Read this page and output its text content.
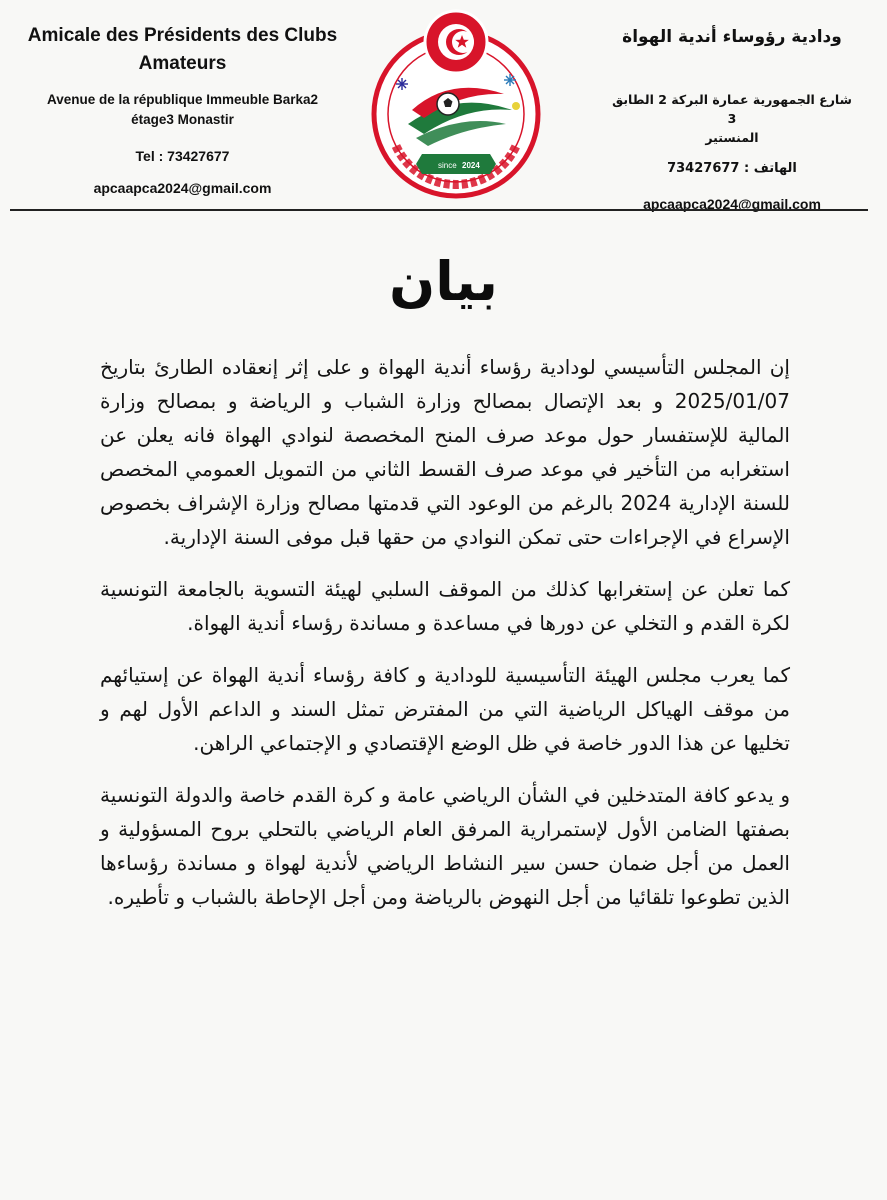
Amicale des Présidents des Clubs
Amateurs
Avenue de la république Immeuble Barka2
étage3 Monastir
Tel : 73427677
apcaapca2024@gmail.com
since 2024
ودادية رؤوساء أندية الهواة
شارع الجمهورية عمارة البركة 2 الطابق 3
المنستير
الهاتف : 73427677
apcaapca2024@gmail.com
بيان

إن المجلس التأسيسي لودادية رؤساء أندية الهواة و على إثر إنعقاده الطارئ بتاريخ 2025/01/07 و بعد الإتصال بمصالح وزارة الشباب و الرياضة و بمصالح وزارة المالية للإستفسار حول موعد صرف المنح المخصصة لنوادي الهواة فانه يعلن عن استغرابه من التأخير في موعد صرف القسط الثاني من التمويل العمومي المخصص للسنة الإدارية 2024 بالرغم من الوعود التي قدمتها مصالح وزارة الإشراف بخصوص الإسراع في الإجراءات حتى تمكن النوادي من حقها قبل موفى السنة الإدارية.

كما تعلن عن إستغرابها كذلك من الموقف السلبي لهيئة التسوية بالجامعة التونسية لكرة القدم و التخلي عن دورها في مساعدة و مساندة رؤساء أندية الهواة.

كما يعرب مجلس الهيئة التأسيسية للودادية و كافة رؤساء أندية الهواة عن إستيائهم من موقف الهياكل الرياضية التي من المفترض تمثل السند و الداعم الأول لهم و تخليها عن هذا الدور خاصة في ظل الوضع الإقتصادي و الإجتماعي الراهن.

و يدعو كافة المتدخلين في الشأن الرياضي عامة و كرة القدم خاصة والدولة التونسية بصفتها الضامن الأول لإستمرارية المرفق العام الرياضي بالتحلي بروح المسؤولية و العمل من أجل ضمان حسن سير النشاط الرياضي لأندية لهواة و مساندة رؤساءها الذين تطوعوا تلقائيا من أجل النهوض بالرياضة ومن أجل الإحاطة بالشباب و تأطيره.
